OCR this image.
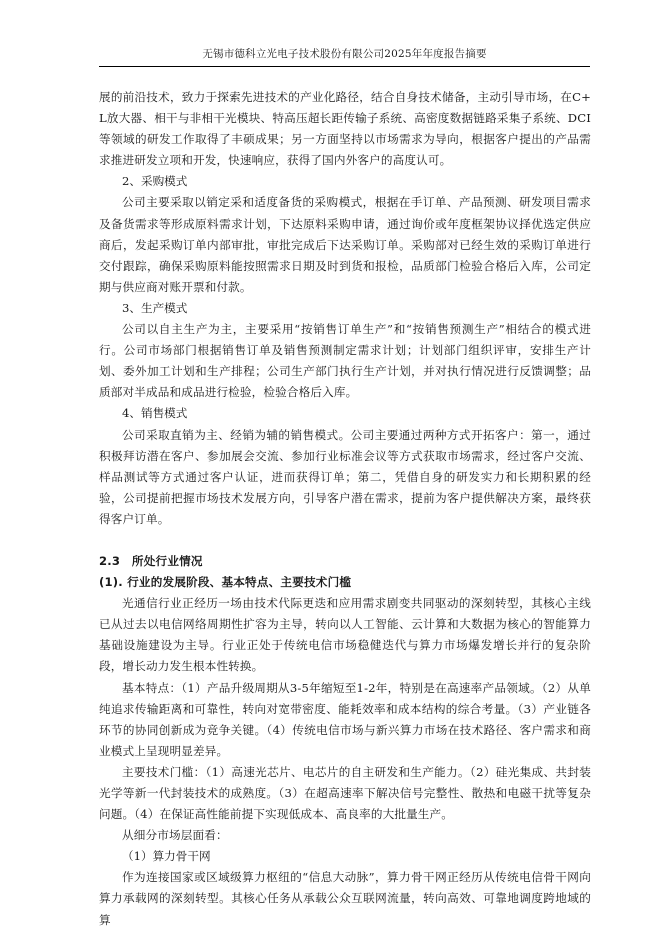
无锡市德科立光电子技术股份有限公司2025年年度报告摘要

展的前沿技术，致力于探索先进技术的产业化路径，结合自身技术储备，主动引导市场，在C+L放大器、相干与非相干光模块、特高压超长距传输子系统、高密度数据链路采集子系统、DCI等领域的研发工作取得了丰硕成果；另一方面坚持以市场需求为导向，根据客户提出的产品需求推进研发立项和开发，快速响应，获得了国内外客户的高度认可。

2、采购模式

公司主要采取以销定采和适度备货的采购模式，根据在手订单、产品预测、研发项目需求及备货需求等形成原料需求计划，下达原料采购申请，通过询价或年度框架协议择优选定供应商后，发起采购订单内部审批，审批完成后下达采购订单。采购部对已经生效的采购订单进行交付跟踪，确保采购原料能按照需求日期及时到货和报检，品质部门检验合格后入库，公司定期与供应商对账开票和付款。

3、生产模式

公司以自主生产为主，主要采用“按销售订单生产”和“按销售预测生产”相结合的模式进行。公司市场部门根据销售订单及销售预测制定需求计划；计划部门组织评审，安排生产计划、委外加工计划和生产排程；公司生产部门执行生产计划，并对执行情况进行反馈调整；品质部对半成品和成品进行检验，检验合格后入库。

4、销售模式

公司采取直销为主、经销为辅的销售模式。公司主要通过两种方式开拓客户：第一，通过积极拜访潜在客户、参加展会交流、参加行业标准会议等方式获取市场需求，经过客户交流、样品测试等方式通过客户认证，进而获得订单；第二，凭借自身的研发实力和长期积累的经验，公司提前把握市场技术发展方向，引导客户潜在需求，提前为客户提供解决方案，最终获得客户订单。

2.3　所处行业情况

(1). 行业的发展阶段、基本特点、主要技术门槛

光通信行业正经历一场由技术代际更迭和应用需求剧变共同驱动的深刻转型，其核心主线已从过去以电信网络周期性扩容为主导，转向以人工智能、云计算和大数据为核心的智能算力基础设施建设为主导。行业正处于传统电信市场稳健迭代与算力市场爆发增长并行的复杂阶段，增长动力发生根本性转换。

基本特点：（1）产品升级周期从3-5年缩短至1-2年，特别是在高速率产品领域。（2）从单纯追求传输距离和可靠性，转向对宽带密度、能耗效率和成本结构的综合考量。（3）产业链各环节的协同创新成为竞争关键。（4）传统电信市场与新兴算力市场在技术路径、客户需求和商业模式上呈现明显差异。

主要技术门槛：（1）高速光芯片、电芯片的自主研发和生产能力。（2）硅光集成、共封装光学等新一代封装技术的成熟度。（3）在超高速率下解决信号完整性、散热和电磁干扰等复杂问题。（4）在保证高性能前提下实现低成本、高良率的大批量生产。

从细分市场层面看：

（1）算力骨干网

作为连接国家或区域级算力枢纽的“信息大动脉”，算力骨干网正经历从传统电信骨干网向算力承载网的深刻转型。其核心任务从承载公众互联网流量，转向高效、可靠地调度跨地域的算
